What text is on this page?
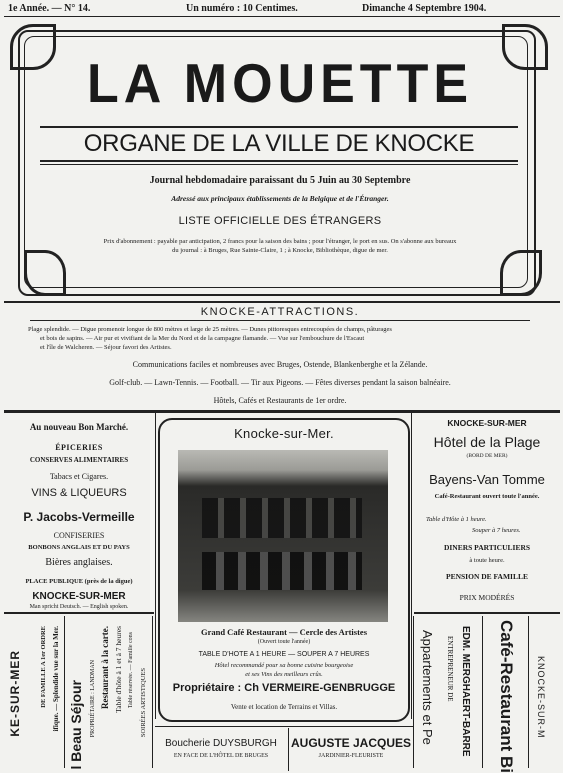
1e Année. — N° 14.	Un numéro : 10 Centimes.	Dimanche 4 Septembre 1904.
LA MOUETTE
ORGANE DE LA VILLE DE KNOCKE
Journal hebdomadaire paraissant du 5 Juin au 30 Septembre
Adressé aux principaux établissements de la Belgique et de l'Étranger.
LISTE OFFICIELLE DES ÉTRANGERS
Prix d'abonnement : payable par anticipation, 2 francs pour la saison des bains ; pour l'étranger, le port en sus. On s'abonne aux bureaux
du journal : à Bruges, Rue Sainte-Claire, 1 ; à Knocke, Bibliothèque, digue de mer.
KNOCKE-ATTRACTIONS.
Plage splendide. — Digue promenoir longue de 800 mètres et large de 25 mètres. — Dunes pittoresques entrecoupées de champs, pâturages
et bois de sapins. — Air pur et vivifiant de la Mer du Nord et de la campagne flamande. — Vue sur l'embouchure de l'Escaut
et l'île de Walcheren. — Séjour favori des Artistes.
Communications faciles et nombreuses avec Bruges, Ostende, Blankenberghe et la Zélande.
Golf-club. — Lawn-Tennis. — Football. — Tir aux Pigeons. — Fêtes diverses pendant la saison balnéaire.
Hôtels, Cafés et Restaurants de 1er ordre.
Au nouveau Bon Marché.
ÉPICERIES
CONSERVES ALIMENTAIRES
Tabacs et Cigares.
VINS & LIQUEURS
P. Jacobs-Vermeille
CONFISERIES
BONBONS ANGLAIS ET DU PAYS
Bières anglaises.
PLACE PUBLIQUE (près de la digue)
KNOCKE-SUR-MER
Man spricht Deutsch. — English spoken.
Knocke-sur-Mer.
Grand Café Restaurant — Cercle des Artistes
(Ouvert toute l'année)
TABLE D'HOTE A 1 HEURE — SOUPER A 7 HEURES
Hôtel recommandé pour sa bonne cuisine bourgeoise
et ses Vins des meilleurs crûs.
Propriétaire : Ch VERMEIRE-GENBRUGGE
Vente et location de Terrains et Villas.
KNOCKE-SUR-MER
Hôtel de la Plage
(BORD DE MER)
Bayens-Van Tomme
Café-Restaurant ouvert toute l'année.
Table d'Hôte à 1 heure.
Souper à 7 heures.
DINERS PARTICULIERS
à toute heure.
PENSION DE FAMILLE
PRIX MODÉRÉS
KE-SUR-MER	DE FAMILLE A 1er ORDRE ifique. — Splendide vue sur la Mer. l Beau Séjour PROPRIÉTAIRE : LANDMAN Restaurant à la carte. Table d'hôte à 1 et à 7 heures Table réservée. — Famille cons SOIRÉES ARTISTIQUES
Boucherie DUYSBURGH
EN FACE DE L'HÔTEL DE BRUGES
AUGUSTE JACQUES
JARDINIER-FLEURISTE
Appartements et Pe ENTREPRENEUR DE EDM. MERGHAERT-BARRE Café-Restaurant Bi KNOCKE-SUR-M
